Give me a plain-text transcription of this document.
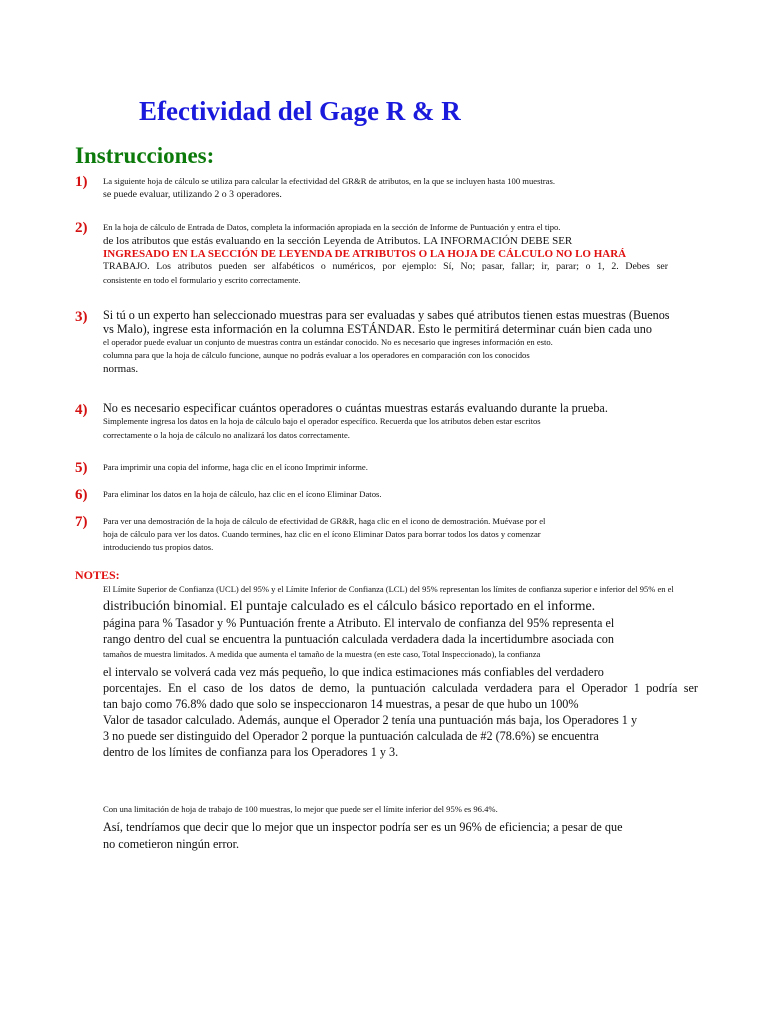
Efectividad del Gage R & R
Instrucciones:
1) La siguiente hoja de cálculo se utiliza para calcular la efectividad del GR&R de atributos, en la que se incluyen hasta 100 muestras.
se puede evaluar, utilizando 2 o 3 operadores.
2) En la hoja de cálculo de Entrada de Datos, completa la información apropiada en la sección de Informe de Puntuación y entra el tipo.
de los atributos que estás evaluando en la sección Leyenda de Atributos. LA INFORMACIÓN DEBE SER
INGRESADO EN LA SECCIÓN DE LEYENDA DE ATRIBUTOS O LA HOJA DE CÁLCULO NO LO HARÁ
TRABAJO. Los atributos pueden ser alfabéticos o numéricos, por ejemplo: Sí, No; pasar, fallar; ir, parar; o 1, 2. Debes ser
consistente en todo el formulario y escrito correctamente.
3) Si tú o un experto han seleccionado muestras para ser evaluadas y sabes qué atributos tienen estas muestras (Buenos
vs Malo), ingrese esta información en la columna ESTÁNDAR. Esto le permitirá determinar cuán bien cada uno
el operador puede evaluar un conjunto de muestras contra un estándar conocido. No es necesario que ingreses información en esto.
columna para que la hoja de cálculo funcione, aunque no podrás evaluar a los operadores en comparación con los conocidos
normas.
4) No es necesario especificar cuántos operadores o cuántas muestras estarás evaluando durante la prueba.
Simplemente ingresa los datos en la hoja de cálculo bajo el operador específico. Recuerda que los atributos deben estar escritos
correctamente o la hoja de cálculo no analizará los datos correctamente.
5) Para imprimir una copia del informe, haga clic en el ícono Imprimir informe.
6) Para eliminar los datos en la hoja de cálculo, haz clic en el ícono Eliminar Datos.
7) Para ver una demostración de la hoja de cálculo de efectividad de GR&R, haga clic en el icono de demostración. Muévase por el
hoja de cálculo para ver los datos. Cuando termines, haz clic en el ícono Eliminar Datos para borrar todos los datos y comenzar
introduciendo tus propios datos.
NOTES:
El Límite Superior de Confianza (UCL) del 95% y el Límite Inferior de Confianza (LCL) del 95% representan los límites de confianza superior e inferior del 95% en el
distribución binomial. El puntaje calculado es el cálculo básico reportado en el informe.
página para % Tasador y % Puntuación frente a Atributo. El intervalo de confianza del 95% representa el
rango dentro del cual se encuentra la puntuación calculada verdadera dada la incertidumbre asociada con
tamaños de muestra limitados. A medida que aumenta el tamaño de la muestra (en este caso, Total Inspeccionado), la confianza
el intervalo se volverá cada vez más pequeño, lo que indica estimaciones más confiables del verdadero
porcentajes. En el caso de los datos de demo, la puntuación calculada verdadera para el Operador 1 podría ser
tan bajo como 76.8% dado que solo se inspeccionaron 14 muestras, a pesar de que hubo un 100%
Valor de tasador calculado. Además, aunque el Operador 2 tenía una puntuación más baja, los Operadores 1 y
3 no puede ser distinguido del Operador 2 porque la puntuación calculada de #2 (78.6%) se encuentra
dentro de los límites de confianza para los Operadores 1 y 3.
Con una limitación de hoja de trabajo de 100 muestras, lo mejor que puede ser el límite inferior del 95% es 96.4%.
Así, tendríamos que decir que lo mejor que un inspector podría ser es un 96% de eficiencia; a pesar de que
no cometieron ningún error.
